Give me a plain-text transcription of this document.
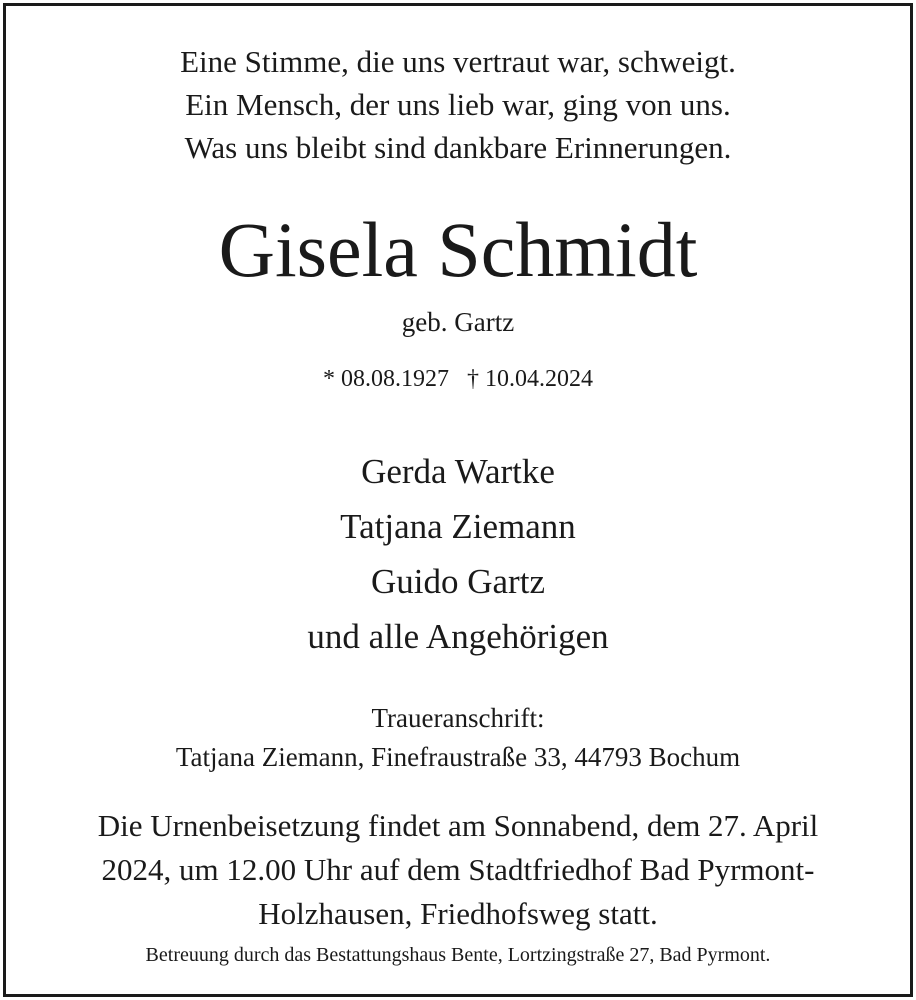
Eine Stimme, die uns vertraut war, schweigt.
Ein Mensch, der uns lieb war, ging von uns.
Was uns bleibt sind dankbare Erinnerungen.
Gisela Schmidt
geb. Gartz
* 08.08.1927 † 10.04.2024
Gerda Wartke
Tatjana Ziemann
Guido Gartz
und alle Angehörigen
Traueranschrift:
Tatjana Ziemann, Finefraustraße 33, 44793 Bochum
Die Urnenbeisetzung findet am Sonnabend, dem 27. April
2024, um 12.00 Uhr auf dem Stadtfriedhof Bad Pyrmont-
Holzhausen, Friedhofsweg statt.
Betreuung durch das Bestattungshaus Bente, Lortzingstraße 27, Bad Pyrmont.
